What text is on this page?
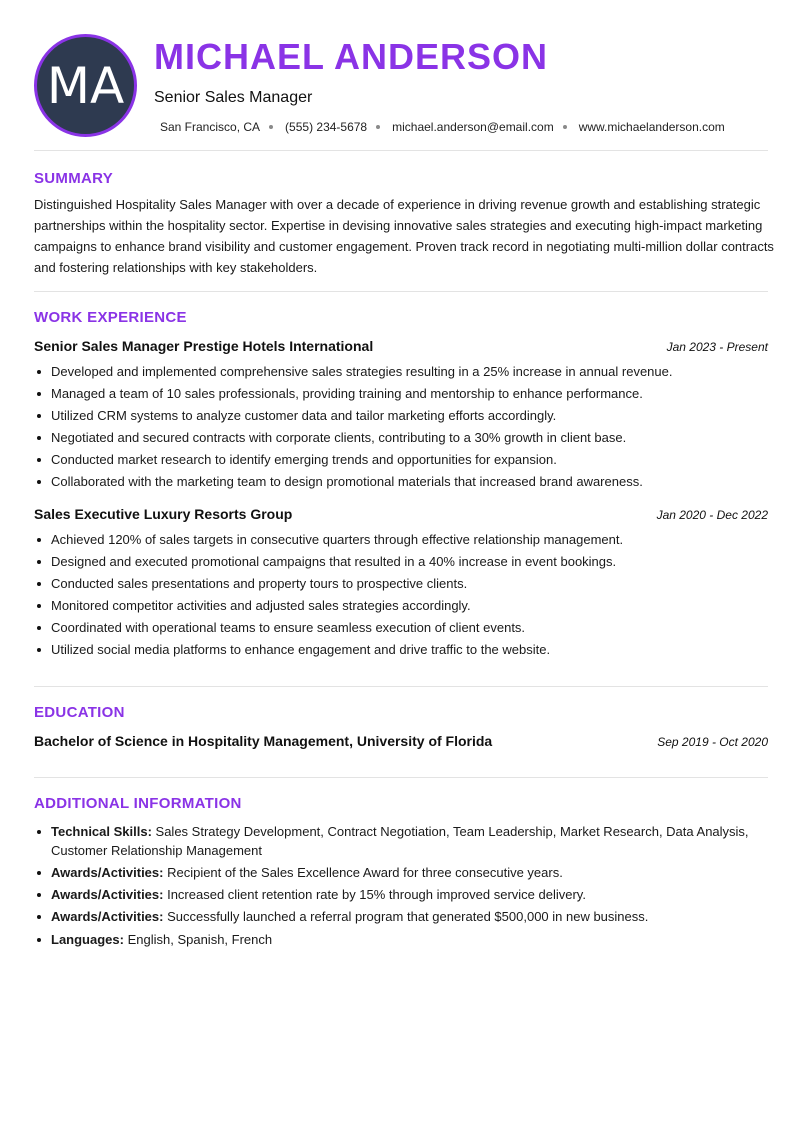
MA MICHAEL ANDERSON
Senior Sales Manager
San Francisco, CA (555) 234-5678 michael.anderson@email.com www.michaelanderson.com
SUMMARY
Distinguished Hospitality Sales Manager with over a decade of experience in driving revenue growth and establishing strategic partnerships within the hospitality sector. Expertise in devising innovative sales strategies and executing high-impact marketing campaigns to enhance brand visibility and customer engagement. Proven track record in negotiating multi-million dollar contracts and fostering relationships with key stakeholders.
WORK EXPERIENCE
Senior Sales Manager Prestige Hotels International	Jan 2023 - Present
Developed and implemented comprehensive sales strategies resulting in a 25% increase in annual revenue.
Managed a team of 10 sales professionals, providing training and mentorship to enhance performance.
Utilized CRM systems to analyze customer data and tailor marketing efforts accordingly.
Negotiated and secured contracts with corporate clients, contributing to a 30% growth in client base.
Conducted market research to identify emerging trends and opportunities for expansion.
Collaborated with the marketing team to design promotional materials that increased brand awareness.
Sales Executive Luxury Resorts Group	Jan 2020 - Dec 2022
Achieved 120% of sales targets in consecutive quarters through effective relationship management.
Designed and executed promotional campaigns that resulted in a 40% increase in event bookings.
Conducted sales presentations and property tours to prospective clients.
Monitored competitor activities and adjusted sales strategies accordingly.
Coordinated with operational teams to ensure seamless execution of client events.
Utilized social media platforms to enhance engagement and drive traffic to the website.
EDUCATION
Bachelor of Science in Hospitality Management, University of Florida	Sep 2019 - Oct 2020
ADDITIONAL INFORMATION
Technical Skills: Sales Strategy Development, Contract Negotiation, Team Leadership, Market Research, Data Analysis, Customer Relationship Management
Awards/Activities: Recipient of the Sales Excellence Award for three consecutive years.
Awards/Activities: Increased client retention rate by 15% through improved service delivery.
Awards/Activities: Successfully launched a referral program that generated $500,000 in new business.
Languages: English, Spanish, French
